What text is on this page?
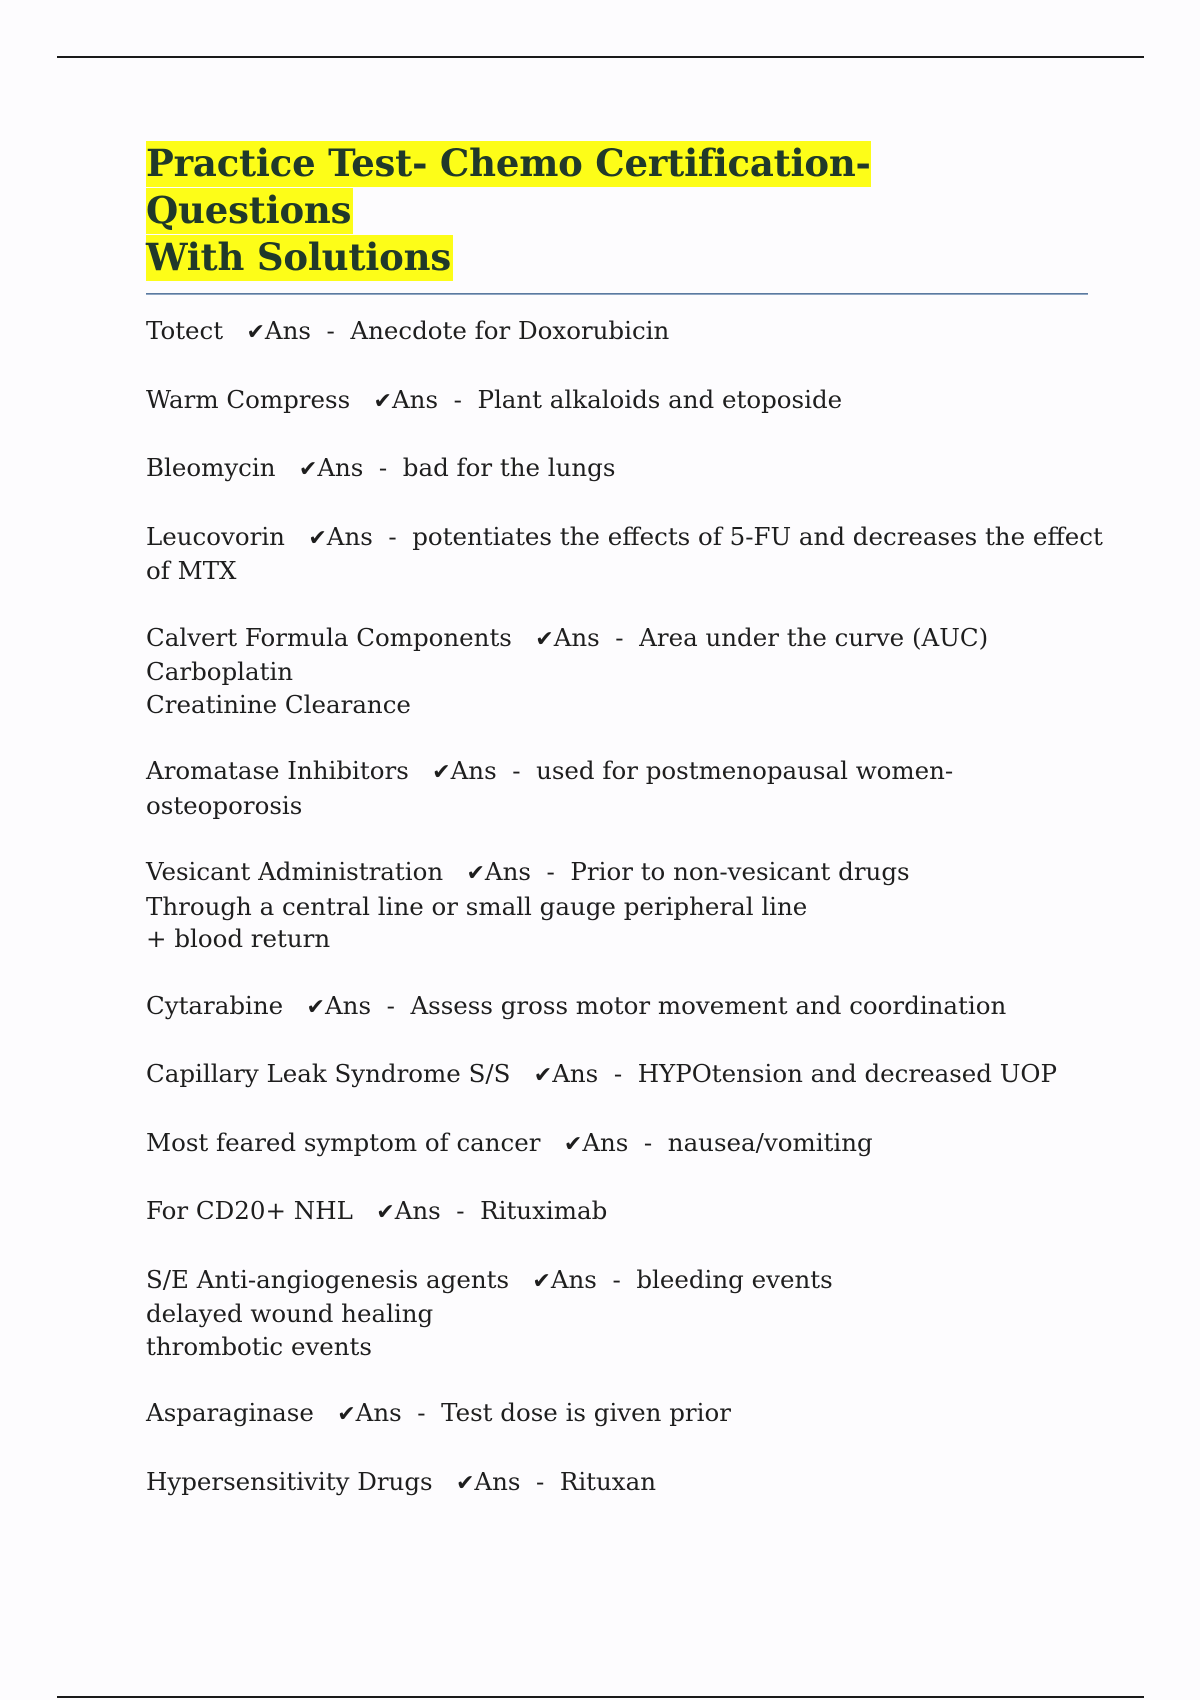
Practice Test- Chemo Certification- Questions
With Solutions
Totect ✔Ans  -  Anecdote for Doxorubicin
Warm Compress ✔Ans  -  Plant alkaloids and etoposide
Bleomycin ✔Ans  -  bad for the lungs
Leucovorin ✔Ans  -  potentiates the effects of 5-FU and decreases the effect
of MTX
Calvert Formula Components ✔Ans  -  Area under the curve (AUC)
Carboplatin
Creatinine Clearance
Aromatase Inhibitors ✔Ans  -  used for postmenopausal women-
osteoporosis
Vesicant Administration ✔Ans  -  Prior to non-vesicant drugs
Through a central line or small gauge peripheral line
+ blood return
Cytarabine ✔Ans  -  Assess gross motor movement and coordination
Capillary Leak Syndrome S/S ✔Ans  -  HYPOtension and decreased UOP
Most feared symptom of cancer ✔Ans  -  nausea/vomiting
For CD20+ NHL ✔Ans  -  Rituximab
S/E Anti-angiogenesis agents ✔Ans  -  bleeding events
delayed wound healing
thrombotic events
Asparaginase ✔Ans  -  Test dose is given prior
Hypersensitivity Drugs ✔Ans  -  Rituxan
